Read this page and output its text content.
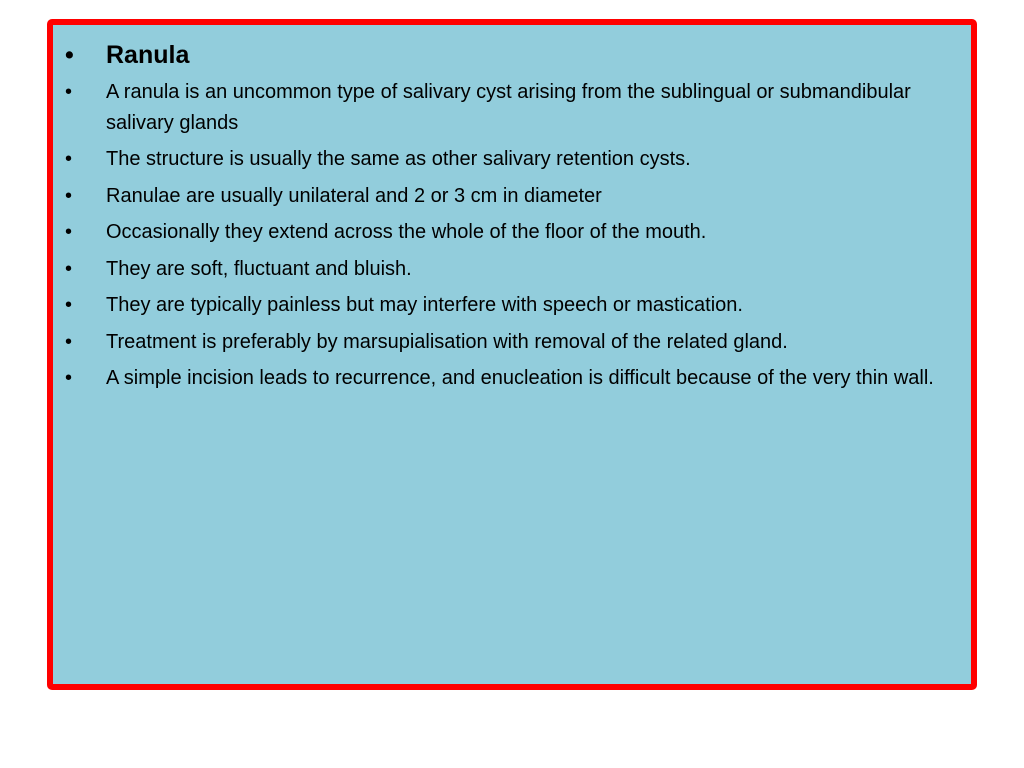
•	Ranula
•	A ranula is an uncommon type of salivary cyst arising from the sublingual or submandibular salivary glands
•	The structure is usually the same as other salivary retention cysts.
•	Ranulae are usually unilateral and 2 or 3 cm in diameter
•	Occasionally they extend across the whole of the floor of the mouth.
•	They are soft, fluctuant and bluish.
•	They are typically painless but may interfere with speech or mastication.
•	Treatment is preferably by marsupialisation with removal of the related gland.
•	A simple incision leads to recurrence, and enucleation is difficult because of the very thin wall.
